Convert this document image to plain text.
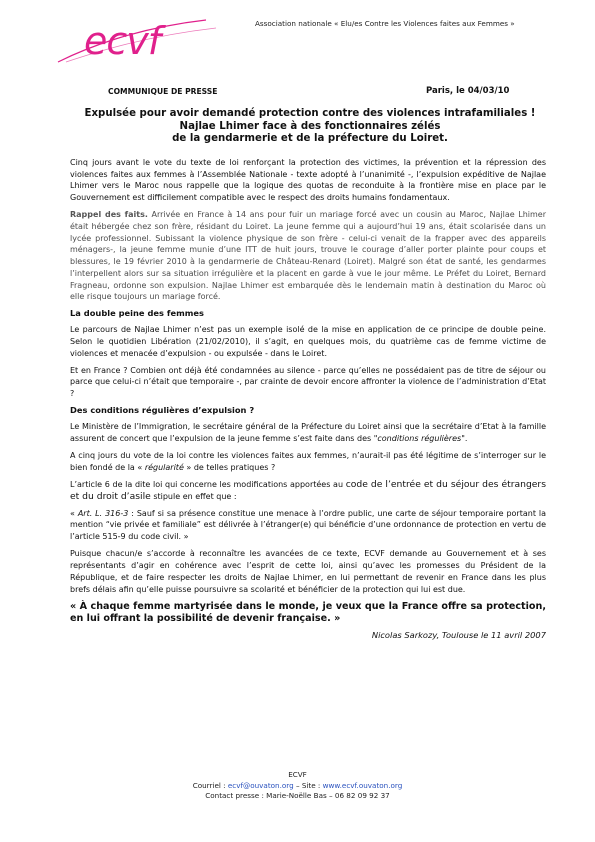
ecvf	Association nationale « Elu/es Contre les Violences faites aux Femmes »
COMMUNIQUE DE PRESSE	Paris, le 04/03/10
Expulsée pour avoir demandé protection contre des violences intrafamiliales !
Najlae Lhimer face à des fonctionnaires zélés
de la gendarmerie et de la préfecture du Loiret.

Cinq jours avant le vote du texte de loi renforçant la protection des victimes, la prévention et la répression des violences faites aux femmes à l’Assemblée Nationale - texte adopté à l’unanimité -, l’expulsion expéditive de Najlae Lhimer vers le Maroc nous rappelle que la logique des quotas de reconduite à la frontière mise en place par le Gouvernement est difficilement compatible avec le respect des droits humains fondamentaux.

Rappel des faits. Arrivée en France à 14 ans pour fuir un mariage forcé avec un cousin au Maroc, Najlae Lhimer était hébergée chez son frère, résidant du Loiret. La jeune femme qui a aujourd’hui 19 ans, était scolarisée dans un lycée professionnel. Subissant la violence physique de son frère - celui-ci venait de la frapper avec des appareils ménagers-, la jeune femme munie d’une ITT de huit jours, trouve le courage d’aller porter plainte pour coups et blessures, le 19 février 2010 à la gendarmerie de Château-Renard (Loiret). Malgré son état de santé, les gendarmes l’interpellent alors sur sa situation irrégulière et la placent en garde à vue le jour même. Le Préfet du Loiret, Bernard Fragneau, ordonne son expulsion. Najlae Lhimer est embarquée dès le lendemain matin à destination du Maroc où elle risque toujours un mariage forcé.

La double peine des femmes

Le parcours de Najlae Lhimer n’est pas un exemple isolé de la mise en application de ce principe de double peine. Selon le quotidien Libération (21/02/2010), il s’agit, en quelques mois, du quatrième cas de femme victime de violences et menacée d’expulsion - ou expulsée - dans le Loiret.

Et en France ? Combien ont déjà été condamnées au silence - parce qu’elles ne possédaient pas de titre de séjour ou parce que celui-ci n’était que temporaire -, par crainte de devoir encore affronter la violence de l’administration d’Etat ?

Des conditions régulières d’expulsion ?

Le Ministère de l’Immigration, le secrétaire général de la Préfecture du Loiret ainsi que la secrétaire d’Etat à la famille assurent de concert que l’expulsion de la jeune femme s’est faite dans des "conditions régulières".

A cinq jours du vote de la loi contre les violences faites aux femmes, n’aurait-il pas été légitime de s’interroger sur le bien fondé de la « régularité » de telles pratiques ?

L’article 6 de la dite loi qui concerne les modifications apportées au code de l’entrée et du séjour des étrangers et du droit d’asile stipule en effet que :

« Art. L. 316-3 : Sauf si sa présence constitue une menace à l’ordre public, une carte de séjour temporaire portant la mention “vie privée et familiale” est délivrée à l’étranger(e) qui bénéficie d’une ordonnance de protection en vertu de l’article 515-9 du code civil. »

Puisque chacun/e s’accorde à reconnaître les avancées de ce texte, ECVF demande au Gouvernement et à ses représentants d’agir en cohérence avec l’esprit de cette loi, ainsi qu’avec les promesses du Président de la République, et de faire respecter les droits de Najlae Lhimer, en lui permettant de revenir en France dans les plus brefs délais afin qu’elle puisse poursuivre sa scolarité et bénéficier de la protection qui lui est due.

« À chaque femme martyrisée dans le monde, je veux que la France offre sa protection, en lui offrant la possibilité de devenir française. »

Nicolas Sarkozy, Toulouse le 11 avril 2007

ECVF
Courriel : ecvf@ouvaton.org – Site : www.ecvf.ouvaton.org
Contact presse : Marie-Noëlle Bas – 06 82 09 92 37
